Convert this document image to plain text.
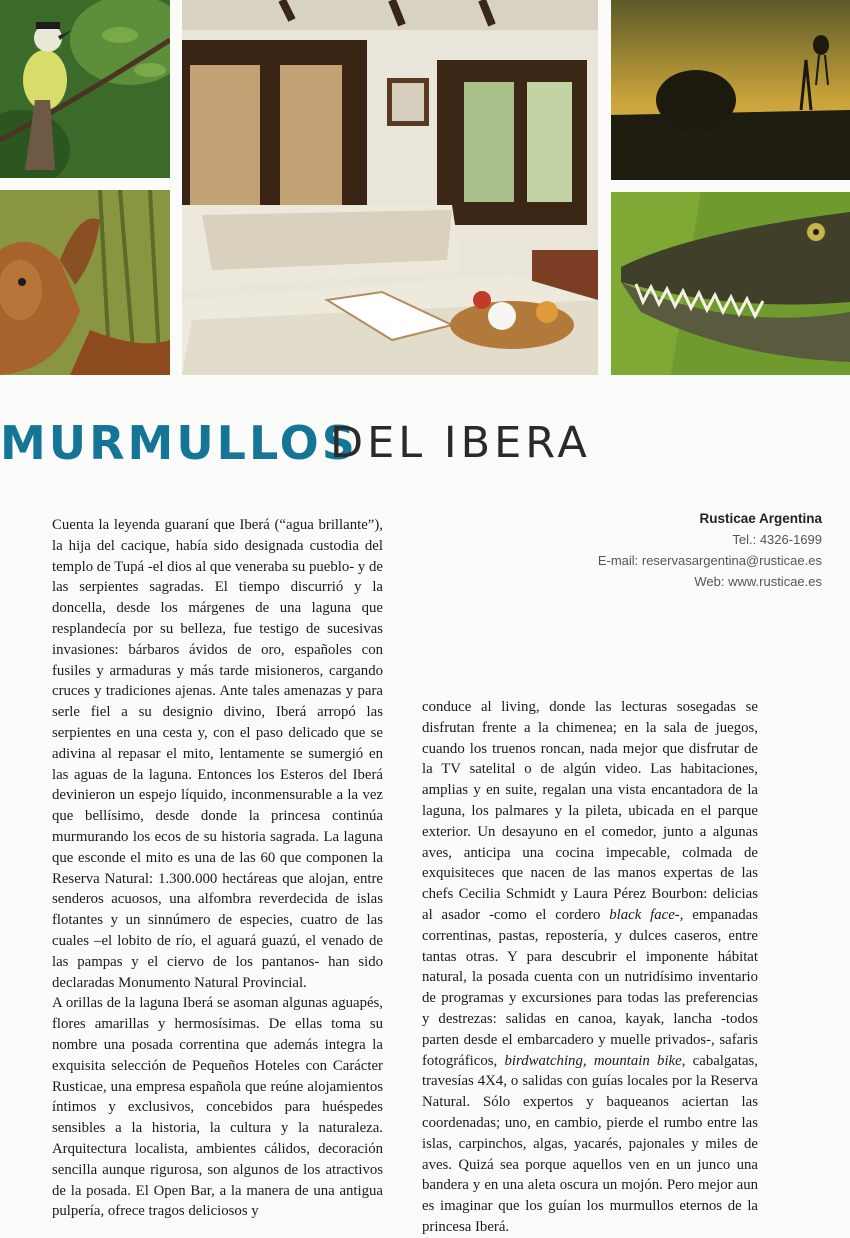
MURMULLOS
DEL IBERA
Rusticae Argentina
Tel.: 4326-1699
E-mail: reservasargentina@rusticae.es
Web: www.rusticae.es

Cuenta la leyenda guaraní que Iberá (“agua brillante”), la hija del cacique, había sido designada custodia del templo de Tupá -el dios al que veneraba su pueblo- y de las serpientes sagradas. El tiempo discurrió y la doncella, desde los márgenes de una laguna que resplandecía por su belleza, fue testigo de sucesivas invasiones: bárbaros ávidos de oro, españoles con fusiles y armaduras y más tarde misioneros, cargando cruces y tradiciones ajenas. Ante tales amenazas y para serle fiel a su designio divino, Iberá arropó las serpientes en una cesta y, con el paso delicado que se adivina al repasar el mito, lentamente se sumergió en las aguas de la laguna. Entonces los Esteros del Iberá devinieron un espejo líquido, inconmensurable a la vez que bellísimo, desde donde la princesa continúa murmurando los ecos de su historia sagrada. La laguna que esconde el mito es una de las 60 que componen la Reserva Natural: 1.300.000 hectáreas que alojan, entre senderos acuosos, una alfombra reverdecida de islas flotantes y un sinnúmero de especies, cuatro de las cuales –el lobito de río, el aguará guazú, el venado de las pampas y el ciervo de los pantanos- han sido declaradas Monumento Natural Provincial.

A orillas de la laguna Iberá se asoman algunas aguapés, flores amarillas y hermosísimas. De ellas toma su nombre una posada correntina que además integra la exquisita selección de Pequeños Hoteles con Carácter Rusticae, una empresa española que reúne alojamientos íntimos y exclusivos, concebidos para huéspedes sensibles a la historia, la cultura y la naturaleza. Arquitectura localista, ambientes cálidos, decoración sencilla aunque rigurosa, son algunos de los atractivos de la posada. El Open Bar, a la manera de una antigua pulpería, ofrece tragos deliciosos y

conduce al living, donde las lecturas sosegadas se disfrutan frente a la chimenea; en la sala de juegos, cuando los truenos roncan, nada mejor que disfrutar de la TV satelital o de algún video. Las habitaciones, amplias y en suite, regalan una vista encantadora de la laguna, los palmares y la pileta, ubicada en el parque exterior. Un desayuno en el comedor, junto a algunas aves, anticipa una cocina impecable, colmada de exquisiteces que nacen de las manos expertas de las chefs Cecilia Schmidt y Laura Pérez Bourbon: delicias al asador -como el cordero black face-, empanadas correntinas, pastas, repostería, y dulces caseros, entre tantas otras. Y para descubrir el imponente hábitat natural, la posada cuenta con un nutridísimo inventario de programas y excursiones para todas las preferencias y destrezas: salidas en canoa, kayak, lancha -todos parten desde el embarcadero y muelle privados-, safaris fotográficos, birdwatching, mountain bike, cabalgatas, travesías 4X4, o salidas con guías locales por la Reserva Natural. Sólo expertos y baqueanos aciertan las coordenadas; uno, en cambio, pierde el rumbo entre las islas, carpinchos, algas, yacarés, pajonales y miles de aves. Quizá sea porque aquellos ven en un junco una bandera y en una aleta oscura un mojón. Pero mejor aun es imaginar que los guían los murmullos eternos de la princesa Iberá.
